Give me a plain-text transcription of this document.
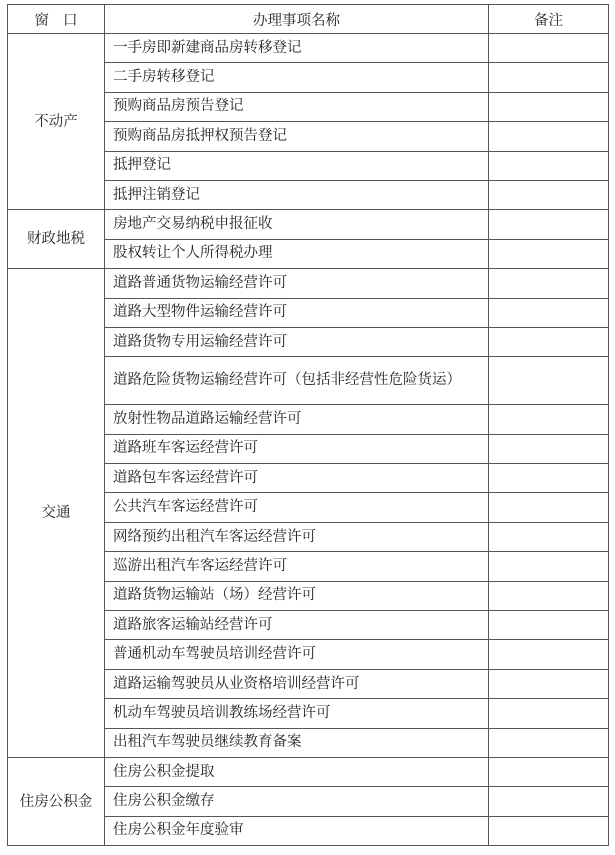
窗口	办理事项名称	备注
不动产	一手房即新建商品房转移登记	
	二手房转移登记	
	预购商品房预告登记	
	预购商品房抵押权预告登记	
	抵押登记	
	抵押注销登记	
财政地税	房地产交易纳税申报征收	
	股权转让个人所得税办理	
交通	道路普通货物运输经营许可	
	道路大型物件运输经营许可	
	道路货物专用运输经营许可	
	道路危险货物运输经营许可（包括非经营性危险货运）	
	放射性物品道路运输经营许可	
	道路班车客运经营许可	
	道路包车客运经营许可	
	公共汽车客运经营许可	
	网络预约出租汽车客运经营许可	
	巡游出租汽车客运经营许可	
	道路货物运输站（场）经营许可	
	道路旅客运输站经营许可	
	普通机动车驾驶员培训经营许可	
	道路运输驾驶员从业资格培训经营许可	
	机动车驾驶员培训教练场经营许可	
	出租汽车驾驶员继续教育备案	
住房公积金	住房公积金提取	
	住房公积金缴存	
	住房公积金年度验审	
